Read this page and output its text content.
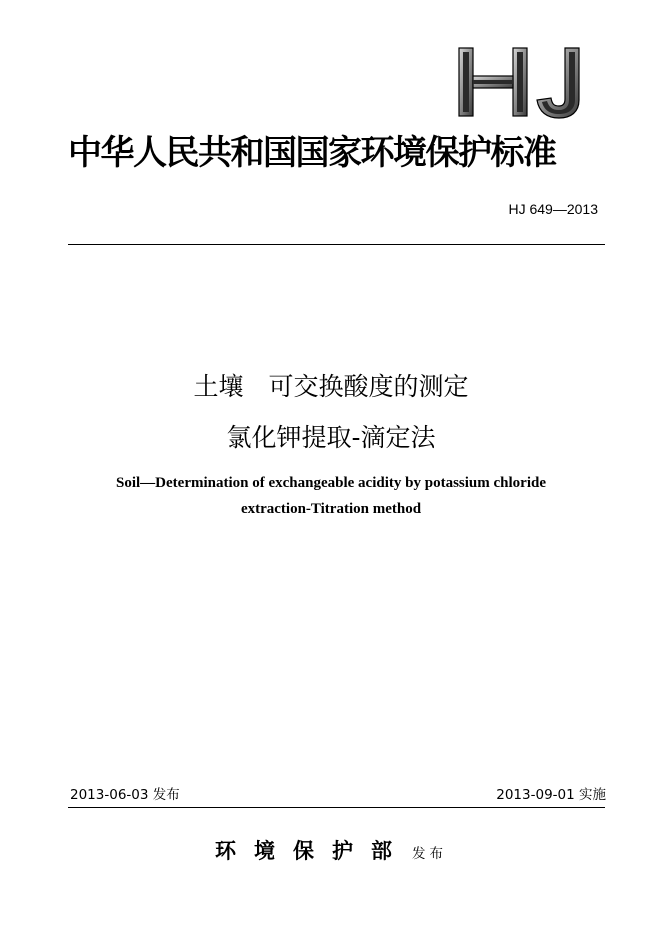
中华人民共和国国家环境保护标准
HJ 649—2013
土壤　可交换酸度的测定
氯化钾提取-滴定法
Soil—Determination of exchangeable acidity by potassium chloride
extraction-Titration method
2013-06-03 发布	2013-09-01 实施
环境保护部 发布
